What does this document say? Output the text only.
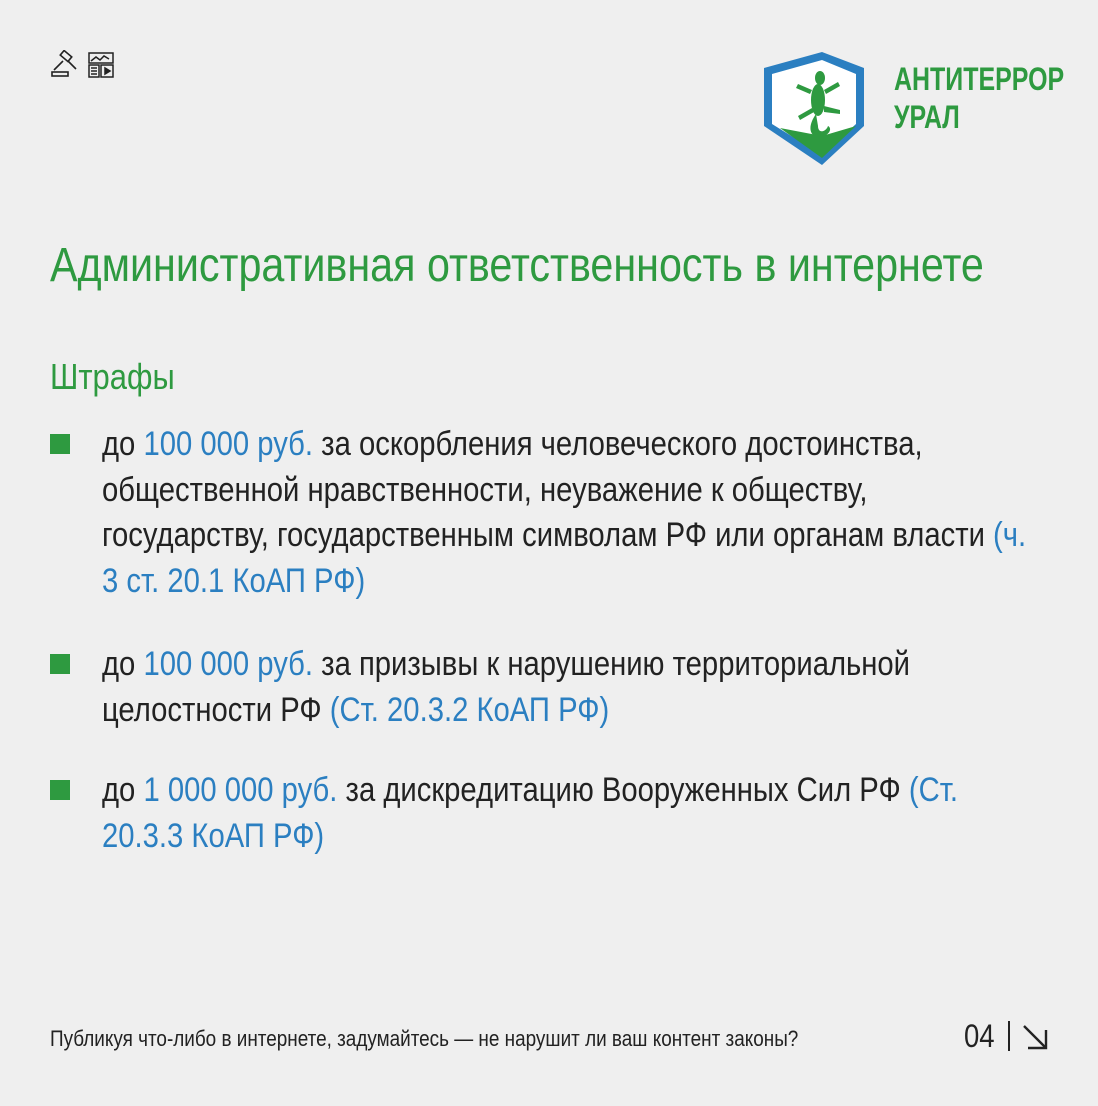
АНТИТЕРРОР
УРАЛ
Административная ответственность в интернете
Штрафы
до 100 000 руб. за оскорбления человеческого достоинства, общественной нравственности, неуважение к обществу, государству, государственным символам РФ или органам власти (ч. 3 ст. 20.1 КоАП РФ)
до 100 000 руб. за призывы к нарушению территориальной целостности РФ (Ст. 20.3.2 КоАП РФ)
до 1 000 000 руб. за дискредитацию Вооруженных Сил РФ (Ст. 20.3.3 КоАП РФ)
Публикуя что-либо в интернете, задумайтесь — не нарушит ли ваш контент законы?	04
